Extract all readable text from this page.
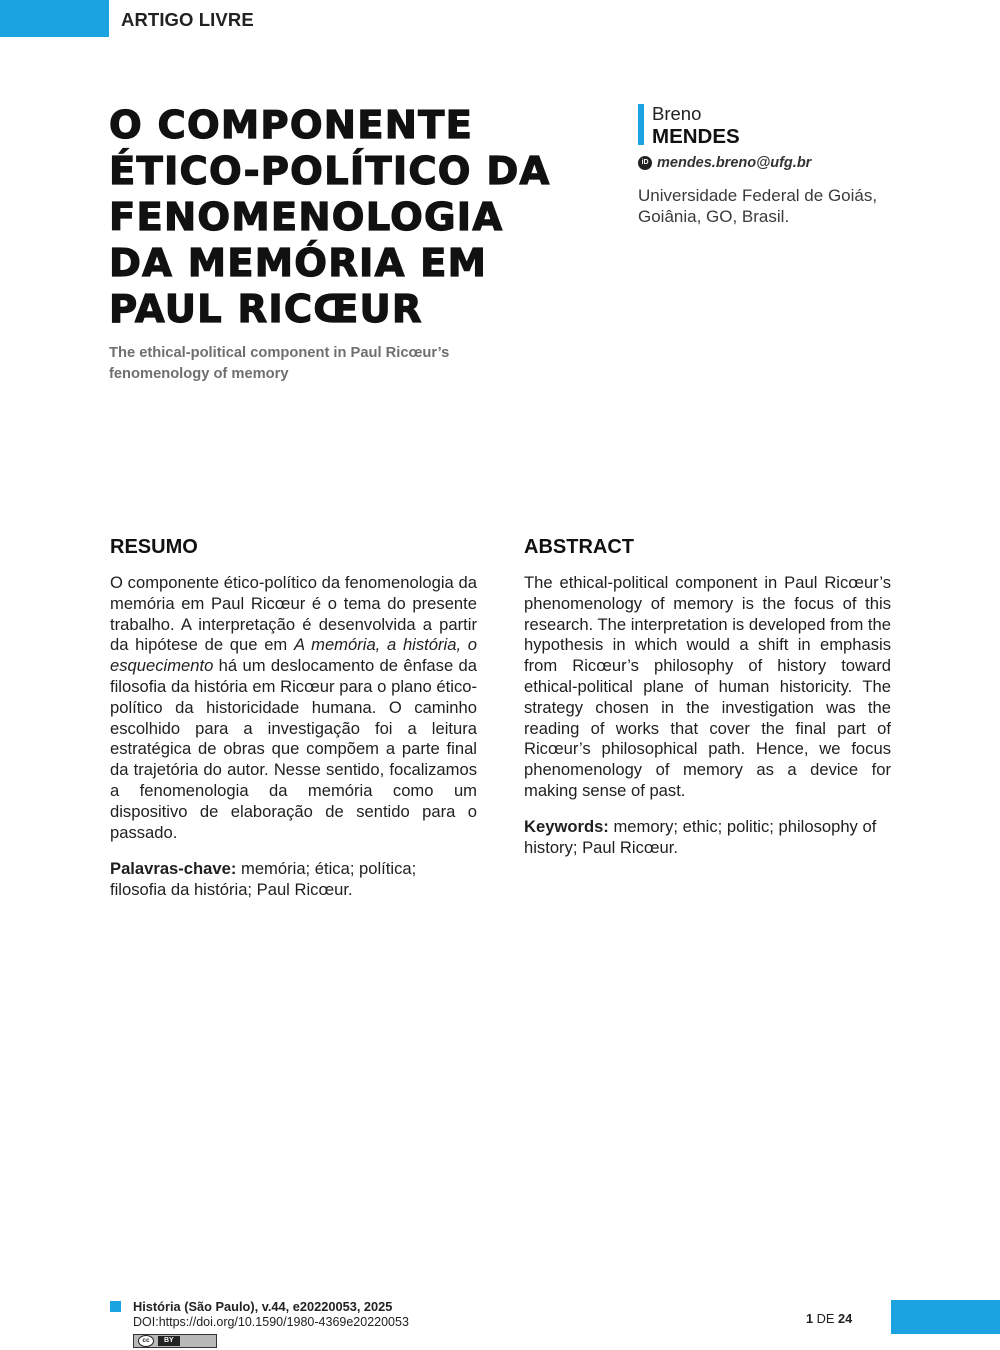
ARTIGO LIVRE
O COMPONENTE
ÉTICO-POLÍTICO DA
FENOMENOLOGIA
DA MEMÓRIA EM
PAUL RICŒUR
The ethical-political component in Paul Ricœur’s fenomenology of memory
Breno
MENDES
iD mendes.breno@ufg.br
Universidade Federal de Goiás,
Goiânia, GO, Brasil.
RESUMO

O componente ético-político da fenomenologia da memória em Paul Ricœur é o tema do presente trabalho. A interpretação é desenvolvida a partir da hipótese de que em A memória, a história, o esquecimento há um deslocamento de ênfase da filosofia da história em Ricœur para o plano ético-político da historicidade humana. O caminho escolhido para a investigação foi a leitura estratégica de obras que compõem a parte final da trajetória do autor. Nesse sentido, focalizamos a fenomenologia da memória como um dispositivo de elaboração de sentido para o passado.

Palavras-chave: memória; ética; política; filosofia da história; Paul Ricœur.

ABSTRACT

The ethical-political component in Paul Ricœur’s phenomenology of memory is the focus of this research. The interpretation is developed from the hypothesis in which would a shift in emphasis from Ricœur’s philosophy of history toward ethical-political plane of human historicity. The strategy chosen in the investigation was the reading of works that cover the final part of Ricœur’s philosophical path. Hence, we focus phenomenology of memory as a device for making sense of past.

Keywords: memory; ethic; politic; philosophy of history; Paul Ricœur.

História (São Paulo), v.44, e20220053, 2025
DOI:https://doi.org/10.1590/1980-4369e20220053
cc	BY
1 DE 24
